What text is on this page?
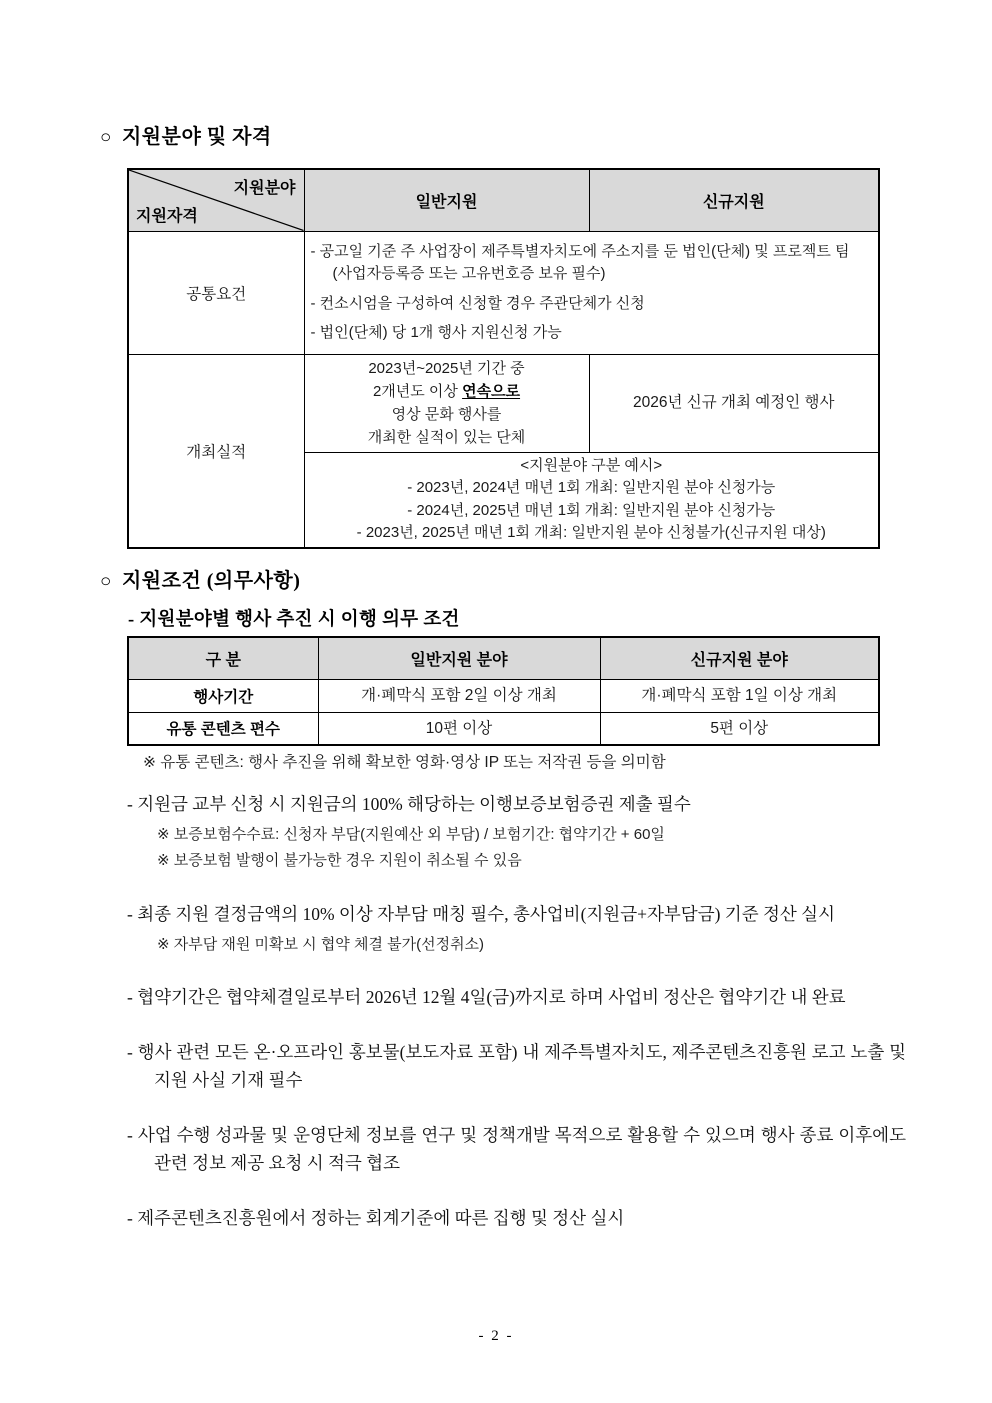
○ 지원분야 및 자격
지원분야
지원자격	일반지원	신규지원
공통요건	- 공고일 기준 주 사업장이 제주특별자치도에 주소지를 둔 법인(단체) 및 프로젝트 팀 (사업자등록증 또는 고유번호증 보유 필수)
- 컨소시엄을 구성하여 신청할 경우 주관단체가 신청
- 법인(단체) 당 1개 행사 지원신청 가능	

개최실적	2023년~2025년 기간 중
2개년도 이상 연속으로
영상 문화 행사를
개최한 실적이 있는 단체	2026년 신규 개최 예정인 행사

	<지원분야 구분 예시>
- 2023년, 2024년 매년 1회 개최: 일반지원 분야 신청가능
- 2024년, 2025년 매년 1회 개최: 일반지원 분야 신청가능
- 2023년, 2025년 매년 1회 개최: 일반지원 분야 신청불가(신규지원 대상)	
○ 지원조건 (의무사항)
- 지원분야별 행사 추진 시 이행 의무 조건
구 분	일반지원 분야	신규지원 분야
행사기간	개·폐막식 포함 2일 이상 개최	개·폐막식 포함 1일 이상 개최
유통 콘텐츠 편수	10편 이상	5편 이상
※ 유통 콘텐츠: 행사 추진을 위해 확보한 영화·영상 IP 또는 저작권 등을 의미함

- 지원금 교부 신청 시 지원금의 100% 해당하는 이행보증보험증권 제출 필수

※ 보증보험수수료: 신청자 부담(지원예산 외 부담) / 보험기간: 협약기간 + 60일
※ 보증보험 발행이 불가능한 경우 지원이 취소될 수 있음

- 최종 지원 결정금액의 10% 이상 자부담 매칭 필수, 총사업비(지원금+자부담금) 기준 정산 실시

※ 자부담 재원 미확보 시 협약 체결 불가(선정취소)

- 협약기간은 협약체결일로부터 2026년 12월 4일(금)까지로 하며 사업비 정산은 협약기간 내 완료

- 행사 관련 모든 온·오프라인 홍보물(보도자료 포함) 내 제주특별자치도, 제주콘텐츠진흥원 로고 노출 및 지원 사실 기재 필수

- 사업 수행 성과물 및 운영단체 정보를 연구 및 정책개발 목적으로 활용할 수 있으며 행사 종료 이후에도 관련 정보 제공 요청 시 적극 협조

- 제주콘텐츠진흥원에서 정하는 회계기준에 따른 집행 및 정산 실시

- 2 -
